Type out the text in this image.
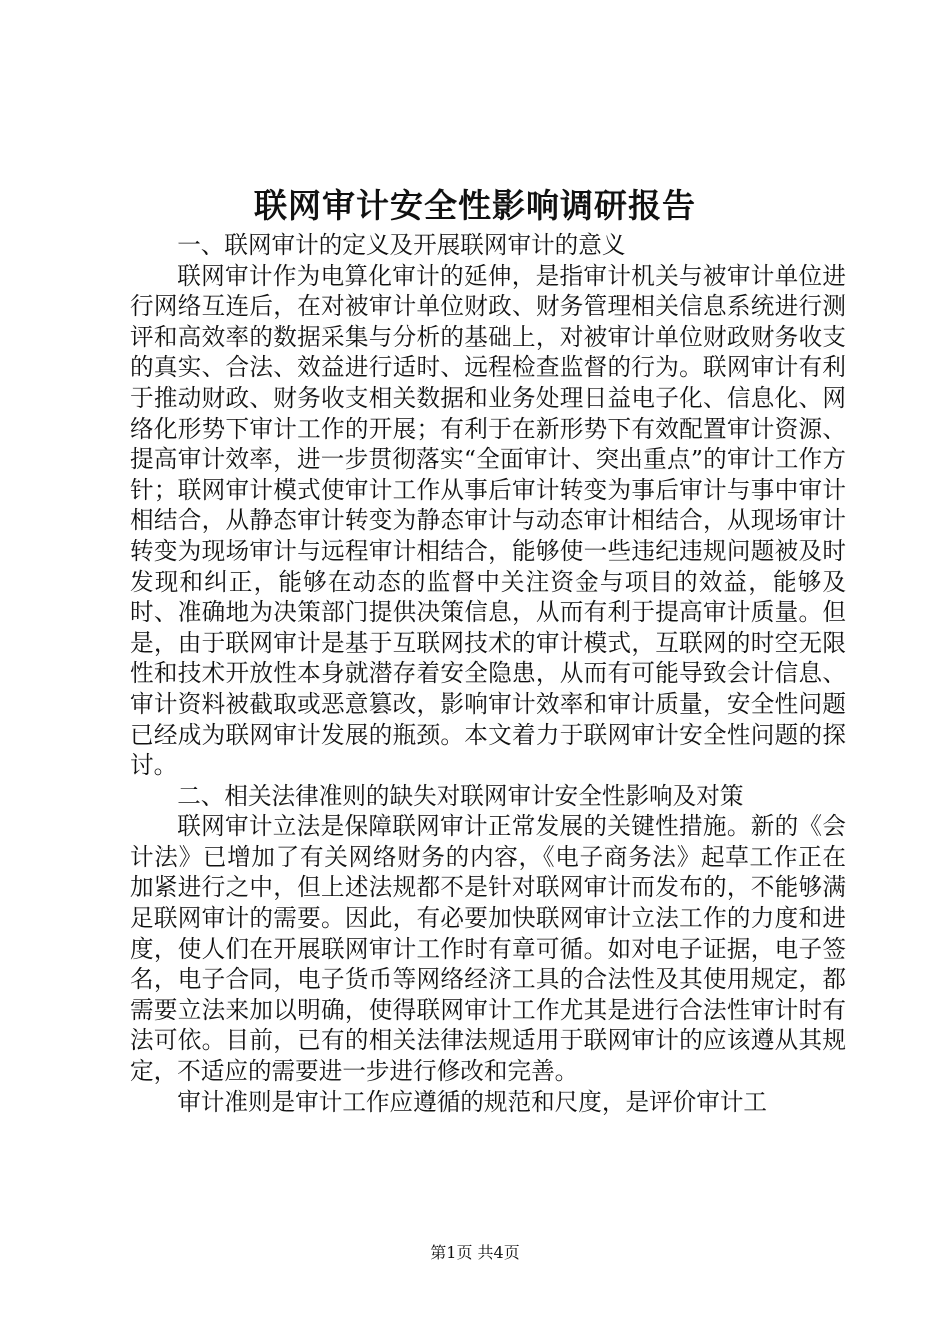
联网审计安全性影响调研报告

一、联网审计的定义及开展联网审计的意义

联网审计作为电算化审计的延伸，是指审计机关与被审计单位进行网络互连后，在对被审计单位财政、财务管理相关信息系统进行测评和高效率的数据采集与分析的基础上，对被审计单位财政财务收支的真实、合法、效益进行适时、远程检查监督的行为。联网审计有利于推动财政、财务收支相关数据和业务处理日益电子化、信息化、网络化形势下审计工作的开展；有利于在新形势下有效配置审计资源、提高审计效率，进一步贯彻落实“全面审计、突出重点”的审计工作方针；联网审计模式使审计工作从事后审计转变为事后审计与事中审计相结合，从静态审计转变为静态审计与动态审计相结合，从现场审计转变为现场审计与远程审计相结合，能够使一些违纪违规问题被及时发现和纠正，能够在动态的监督中关注资金与项目的效益，能够及时、准确地为决策部门提供决策信息，从而有利于提高审计质量。但是，由于联网审计是基于互联网技术的审计模式，互联网的时空无限性和技术开放性本身就潜存着安全隐患，从而有可能导致会计信息、审计资料被截取或恶意篡改，影响审计效率和审计质量，安全性问题已经成为联网审计发展的瓶颈。本文着力于联网审计安全性问题的探讨。

二、相关法律准则的缺失对联网审计安全性影响及对策

联网审计立法是保障联网审计正常发展的关键性措施。新的《会计法》已增加了有关网络财务的内容，《电子商务法》起草工作正在加紧进行之中，但上述法规都不是针对联网审计而发布的，不能够满足联网审计的需要。因此，有必要加快联网审计立法工作的力度和进度，使人们在开展联网审计工作时有章可循。如对电子证据，电子签名，电子合同，电子货币等网络经济工具的合法性及其使用规定，都需要立法来加以明确，使得联网审计工作尤其是进行合法性审计时有法可依。目前，已有的相关法律法规适用于联网审计的应该遵从其规定，不适应的需要进一步进行修改和完善。

审计准则是审计工作应遵循的规范和尺度，是评价审计工

第1页 共4页
